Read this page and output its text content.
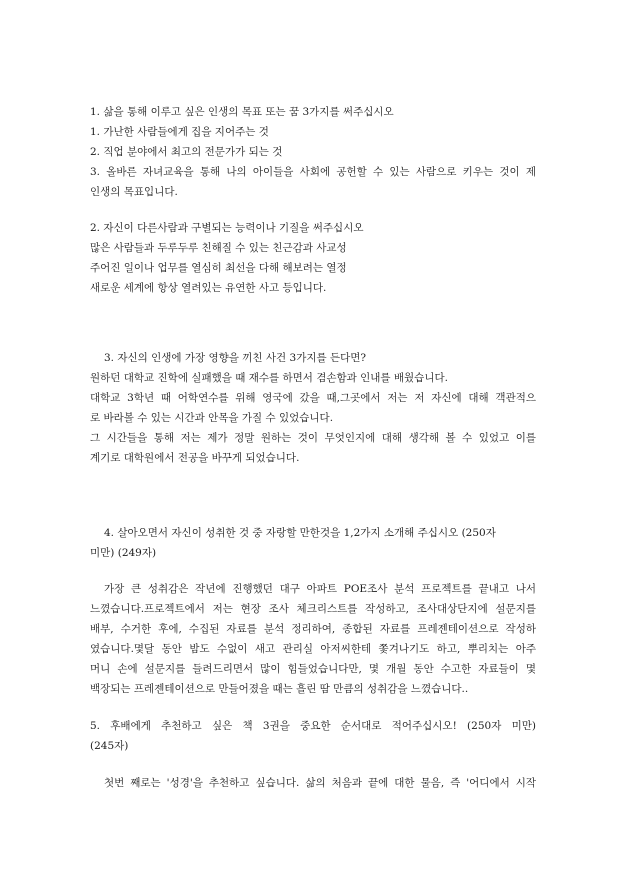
1. 삶을 통해 이루고 싶은 인생의 목표 또는 꿈 3가지를 써주십시오
1. 가난한 사람들에게 집을 지어주는 것
2. 직업 분야에서 최고의 전문가가 되는 것
3. 올바른 자녀교육을 통해 나의 아이들을 사회에 공헌할 수 있는 사람으로 키우는 것이 제
인생의 목표입니다.
2. 자신이 다른사람과 구별되는 능력이나 기질을 써주십시오
많은 사람들과 두루두루 친해질 수 있는 친근감과 사교성
주어진 일이나 업무를 열심히 최선을 다해 해보려는 열정
새로운 세계에 항상 열려있는 유연한 사고 등입니다.
3. 자신의 인생에 가장 영향을 끼친 사건 3가지를 든다면?
원하던 대학교 진학에 실패했을 때 재수를 하면서 겸손함과 인내를 배웠습니다.
대학교 3학년 때 어학연수를 위해 영국에 갔을 때,그곳에서 저는 저 자신에 대해 객관적으
로 바라볼 수 있는 시간과 안목을 가질 수 있었습니다.
그 시간들을 통해 저는 제가 정말 원하는 것이 무엇인지에 대해 생각해 볼 수 있었고 이를
계기로 대학원에서 전공을 바꾸게 되었습니다.
4. 살아오면서 자신이 성취한 것 중 자랑할 만한것을 1,2가지 소개해 주십시오 (250자
미만) (249자)
가장 큰 성취감은 작년에 진행했던 대구 아파트 POE조사 분석 프로젝트를 끝내고 나서
느꼈습니다.프로젝트에서 저는 현장 조사 체크리스트를 작성하고, 조사대상단지에 설문지를
배부, 수거한 후에, 수집된 자료를 분석 정리하여, 종합된 자료를 프레젠테이션으로 작성하
였습니다.몇달 동안 밤도 수없이 새고 관리실 아저씨한테 쫓겨나기도 하고, 뿌리치는 아주
머니 손에 설문지를 들려드리면서 많이 힘들었습니다만, 몇 개월 동안 수고한 자료들이 몇
백장되는 프레젠테이션으로 만들어졌을 때는 흘린 땀 만큼의 성취감을 느꼈습니다..
5. 후배에게 추천하고 싶은 책 3권을 중요한 순서대로 적어주십시오! (250자 미만)
(245자)
첫번 째로는 '성경'을 추천하고 싶습니다. 삶의 처음과 끝에 대한 물음, 즉 '어디에서 시작
